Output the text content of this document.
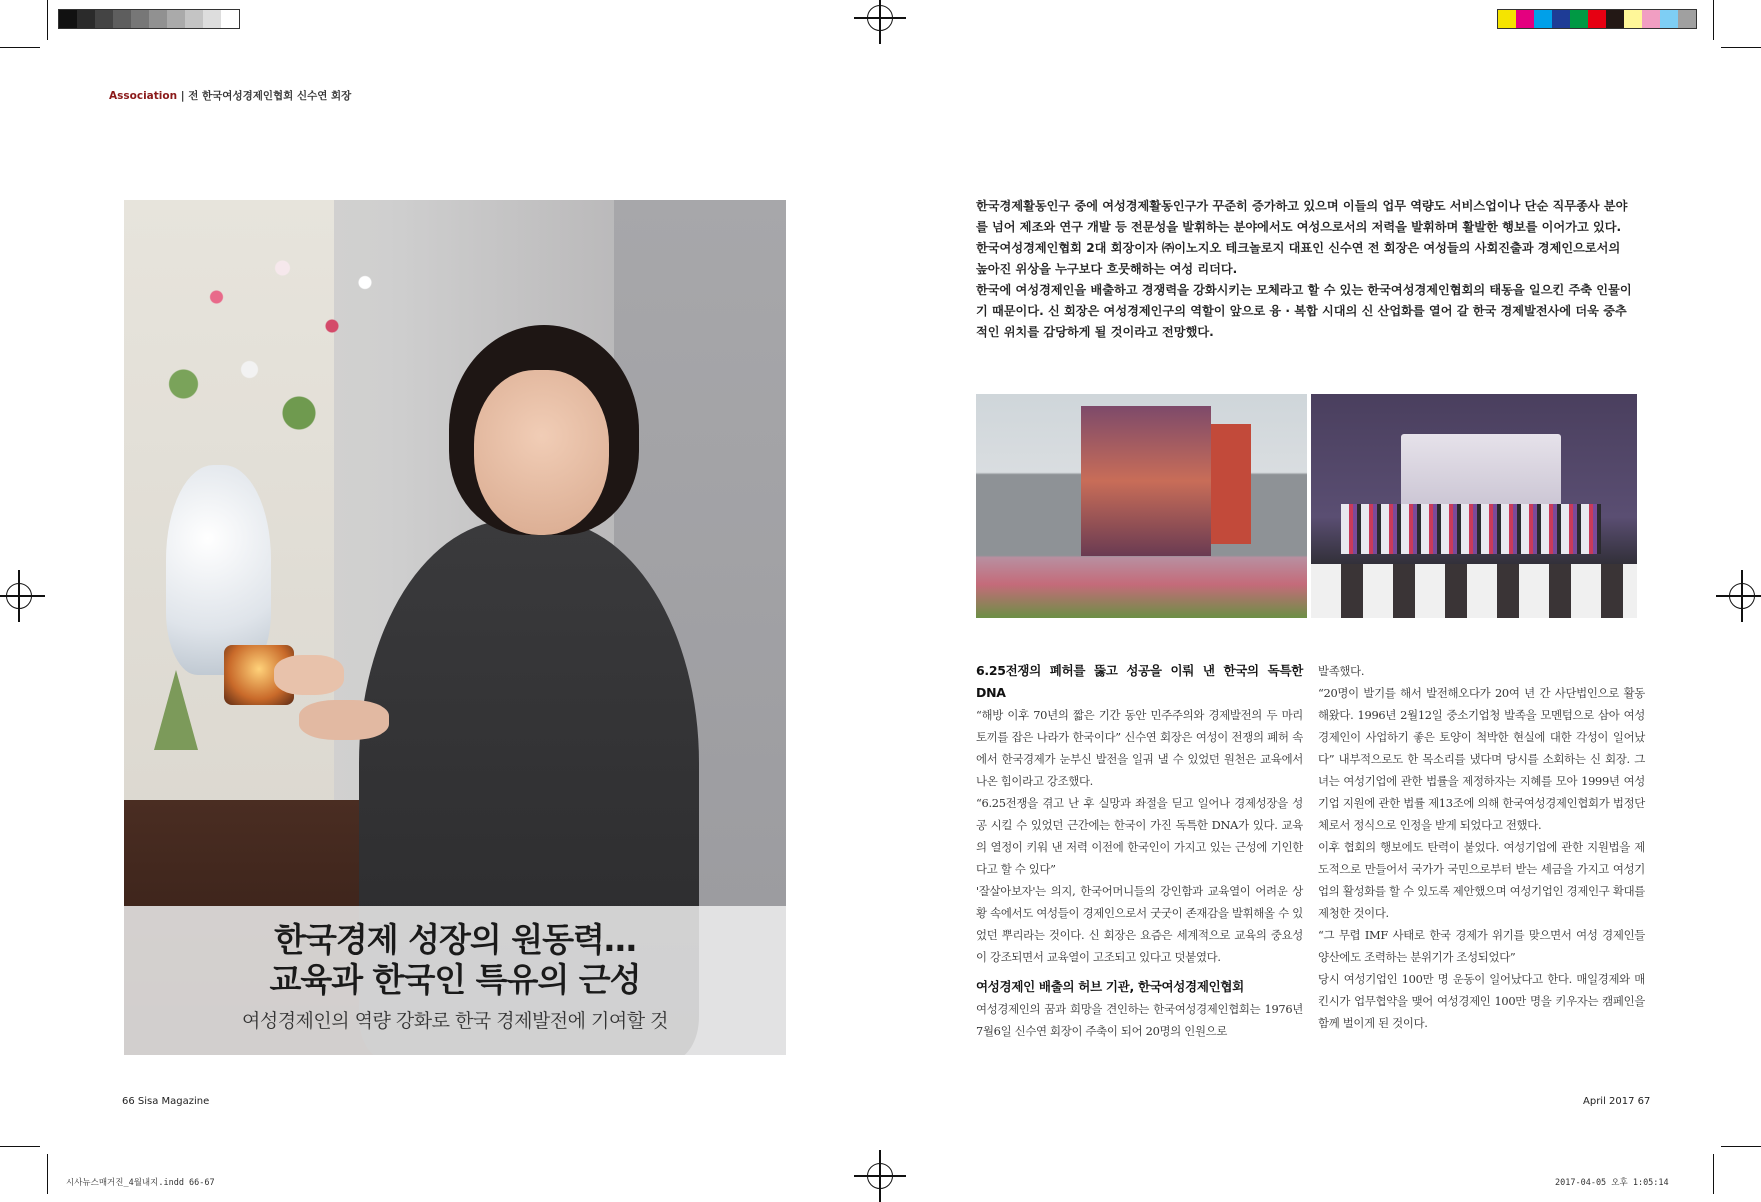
Association | 전 한국여성경제인협회 신수연 회장
한국경제 성장의 원동력…
교육과 한국인 특유의 근성
여성경제인의 역량 강화로 한국 경제발전에 기여할 것

한국경제활동인구 중에 여성경제활동인구가 꾸준히 증가하고 있으며 이들의 업무 역량도 서비스업이나 단순 직무종사 분야를 넘어 제조와 연구 개발 등 전문성을 발휘하는 분야에서도 여성으로서의 저력을 발휘하며 활발한 행보를 이어가고 있다.

한국여성경제인협회 2대 회장이자 ㈜이노지오 테크놀로지 대표인 신수연 전 회장은 여성들의 사회진출과 경제인으로서의 높아진 위상을 누구보다 흐뭇해하는 여성 리더다.

한국에 여성경제인을 배출하고 경쟁력을 강화시키는 모체라고 할 수 있는 한국여성경제인협회의 태동을 일으킨 주축 인물이기 때문이다. 신 회장은 여성경제인구의 역할이 앞으로 융 · 복합 시대의 신 산업화를 열어 갈 한국 경제발전사에 더욱 중추적인 위치를 감당하게 될 것이라고 전망했다.

6.25전쟁의 폐허를 뚫고 성공을 이뤄 낸 한국의 독특한 DNA

“해방 이후 70년의 짧은 기간 동안 민주주의와 경제발전의 두 마리 토끼를 잡은 나라가 한국이다” 신수연 회장은 여성이 전쟁의 폐허 속에서 한국경제가 눈부신 발전을 일궈 낼 수 있었던 원천은 교육에서 나온 힘이라고 강조했다.

“6.25전쟁을 겪고 난 후 실망과 좌절을 딛고 일어나 경제성장을 성공 시킬 수 있었던 근간에는 한국이 가진 독특한 DNA가 있다. 교육의 열정이 키워 낸 저력 이전에 한국인이 가지고 있는 근성에 기인한다고 할 수 있다”

'잘살아보자'는 의지, 한국어머니들의 강인함과 교육열이 어려운 상황 속에서도 여성들이 경제인으로서 굿굿이 존재감을 발휘해올 수 있었던 뿌리라는 것이다. 신 회장은 요즘은 세계적으로 교육의 중요성이 강조되면서 교육열이 고조되고 있다고 덧붙였다.

여성경제인 배출의 허브 기관, 한국여성경제인협회

여성경제인의 꿈과 희망을 견인하는 한국여성경제인협회는 1976년 7월6일 신수연 회장이 주축이 되어 20명의 인원으로

발족했다.

“20명이 발기를 해서 발전해오다가 20여 년 간 사단법인으로 활동해왔다. 1996년 2월12일 중소기업청 발족을 모멘텀으로 삼아 여성경제인이 사업하기 좋은 토양이 척박한 현실에 대한 각성이 일어났다” 내부적으로도 한 목소리를 냈다며 당시를 소회하는 신 회장. 그녀는 여성기업에 관한 법률을 제정하자는 지혜를 모아 1999년 여성기업 지원에 관한 법률 제13조에 의해 한국여성경제인협회가 법정단체로서 정식으로 인정을 받게 되었다고 전했다.

이후 협회의 행보에도 탄력이 붙었다. 여성기업에 관한 지원법을 제도적으로 만들어서 국가가 국민으로부터 받는 세금을 가지고 여성기업의 활성화를 할 수 있도록 제안했으며 여성기업인 경제인구 확대를 제청한 것이다.

“그 무렵 IMF 사태로 한국 경제가 위기를 맞으면서 여성 경제인들 양산에도 조력하는 분위기가 조성되었다”

당시 여성기업인 100만 명 운동이 일어났다고 한다. 매일경제와 매킨시가 업무협약을 맺어 여성경제인 100만 명을 키우자는 캠페인을 함께 벌이게 된 것이다.

66 Sisa Magazine	April 2017 67
시사뉴스매거진_4월내지.indd 66-67	2017-04-05 오후 1:05:14
